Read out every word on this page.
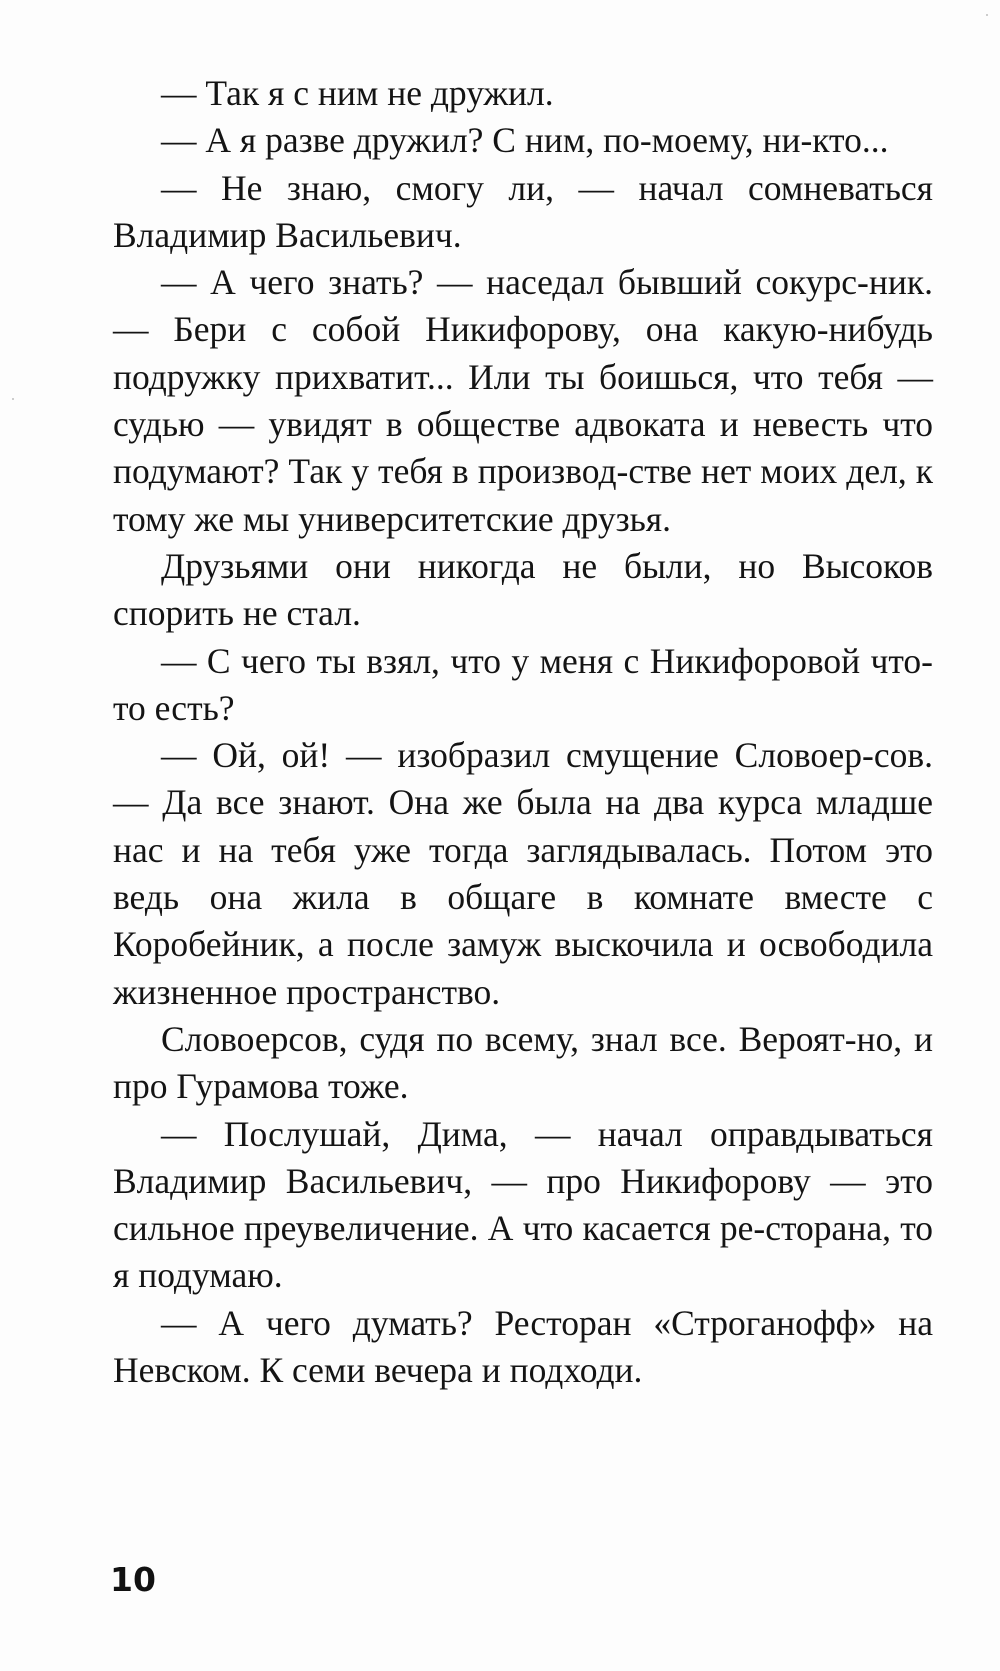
— Так я с ним не дружил.

— А я разве дружил? С ним, по-моему, ни-кто...

— Не знаю, смогу ли, — начал сомневаться Владимир Васильевич.

— А чего знать? — наседал бывший сокурс-ник. — Бери с собой Никифорову, она какую-нибудь подружку прихватит... Или ты боишься, что тебя — судью — увидят в обществе адвоката и невесть что подумают? Так у тебя в производ-стве нет моих дел, к тому же мы университетские друзья.

Друзьями они никогда не были, но Высоков спорить не стал.

— С чего ты взял, что у меня с Никифоровой что-то есть?

— Ой, ой! — изобразил смущение Словоер-сов. — Да все знают. Она же была на два курса младше нас и на тебя уже тогда заглядывалась. Потом это ведь она жила в общаге в комнате вместе с Коробейник, а после замуж выскочила и освободила жизненное пространство.

Словоерсов, судя по всему, знал все. Вероят-но, и про Гурамова тоже.

— Послушай, Дима, — начал оправдываться Владимир Васильевич, — про Никифорову — это сильное преувеличение. А что касается ре-сторана, то я подумаю.

— А чего думать? Ресторан «Строганофф» на Невском. К семи вечера и подходи.

10
